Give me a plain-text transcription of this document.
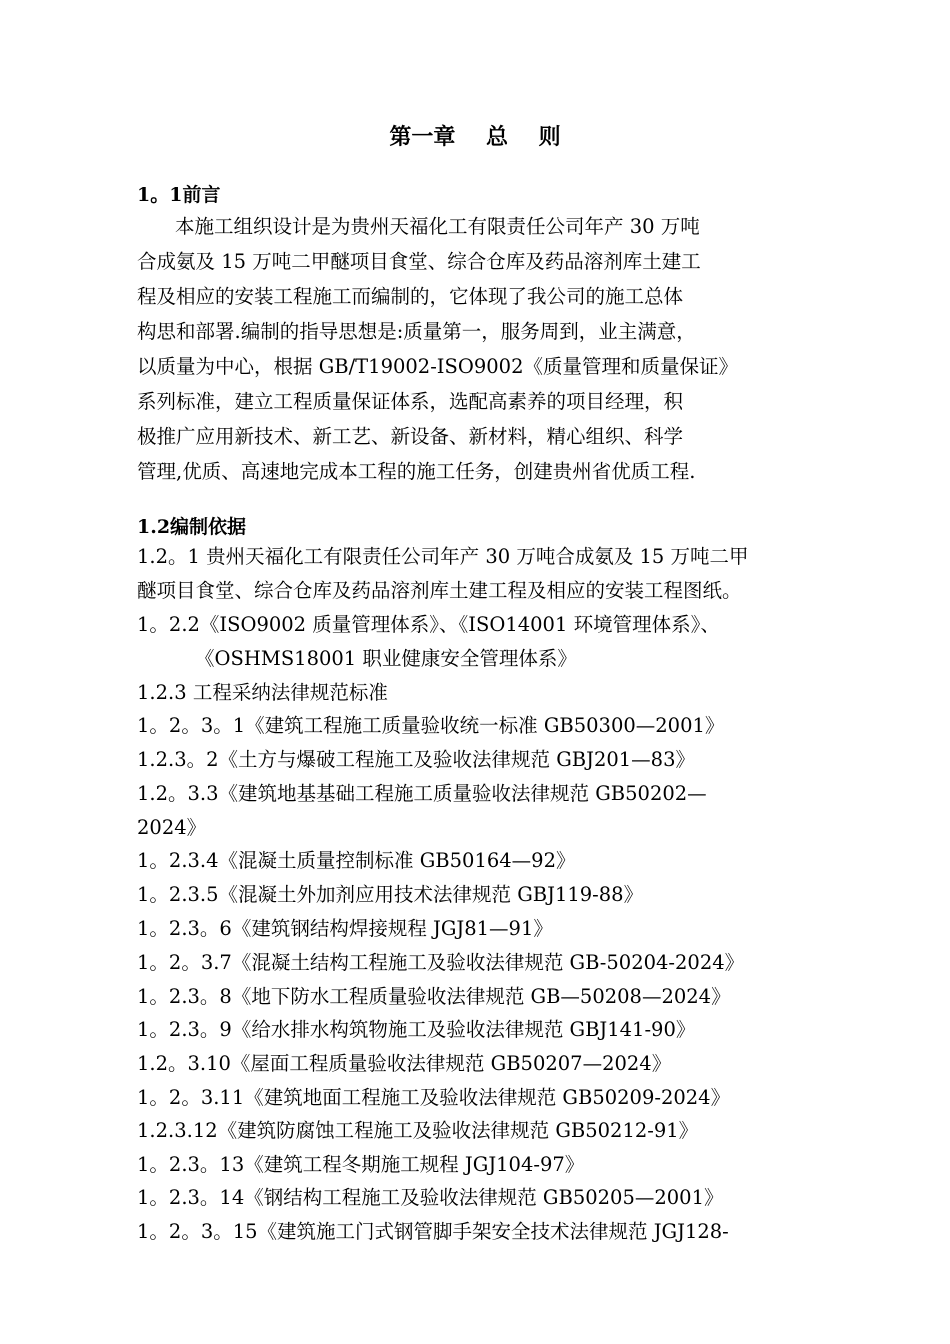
第一章    总    则
1。1前言
本施工组织设计是为贵州天福化工有限责任公司年产 30 万吨
合成氨及 15 万吨二甲醚项目食堂、综合仓库及药品溶剂库土建工
程及相应的安装工程施工而编制的，它体现了我公司的施工总体
构思和部署.编制的指导思想是:质量第一，服务周到，业主满意，
以质量为中心，根据 GB/T19002-ISO9002《质量管理和质量保证》
系列标准，建立工程质量保证体系，选配高素养的项目经理，积
极推广应用新技术、新工艺、新设备、新材料，精心组织、科学
管理,优质、高速地完成本工程的施工任务，创建贵州省优质工程.
1.2编制依据
1.2。1 贵州天福化工有限责任公司年产 30 万吨合成氨及 15 万吨二甲
醚项目食堂、综合仓库及药品溶剂库土建工程及相应的安装工程图纸。
1。2.2《ISO9002 质量管理体系》、《ISO14001 环境管理体系》、
《OSHMS18001 职业健康安全管理体系》
1.2.3 工程采纳法律规范标准
1。2。3。1《建筑工程施工质量验收统一标准 GB50300—2001》
1.2.3。2《土方与爆破工程施工及验收法律规范 GBJ201—83》
1.2。3.3《建筑地基基础工程施工质量验收法律规范 GB50202—
2024》
1。2.3.4《混凝土质量控制标准 GB50164—92》
1。2.3.5《混凝土外加剂应用技术法律规范 GBJ119-88》
1。2.3。6《建筑钢结构焊接规程 JGJ81—91》
1。2。3.7《混凝土结构工程施工及验收法律规范 GB-50204-2024》
1。2.3。8《地下防水工程质量验收法律规范 GB—50208—2024》
1。2.3。9《给水排水构筑物施工及验收法律规范 GBJ141-90》
1.2。3.10《屋面工程质量验收法律规范 GB50207—2024》
1。2。3.11《建筑地面工程施工及验收法律规范 GB50209-2024》
1.2.3.12《建筑防腐蚀工程施工及验收法律规范 GB50212-91》
1。2.3。13《建筑工程冬期施工规程 JGJ104-97》
1。2.3。14《钢结构工程施工及验收法律规范 GB50205—2001》
1。2。3。15《建筑施工门式钢管脚手架安全技术法律规范 JGJ128-
